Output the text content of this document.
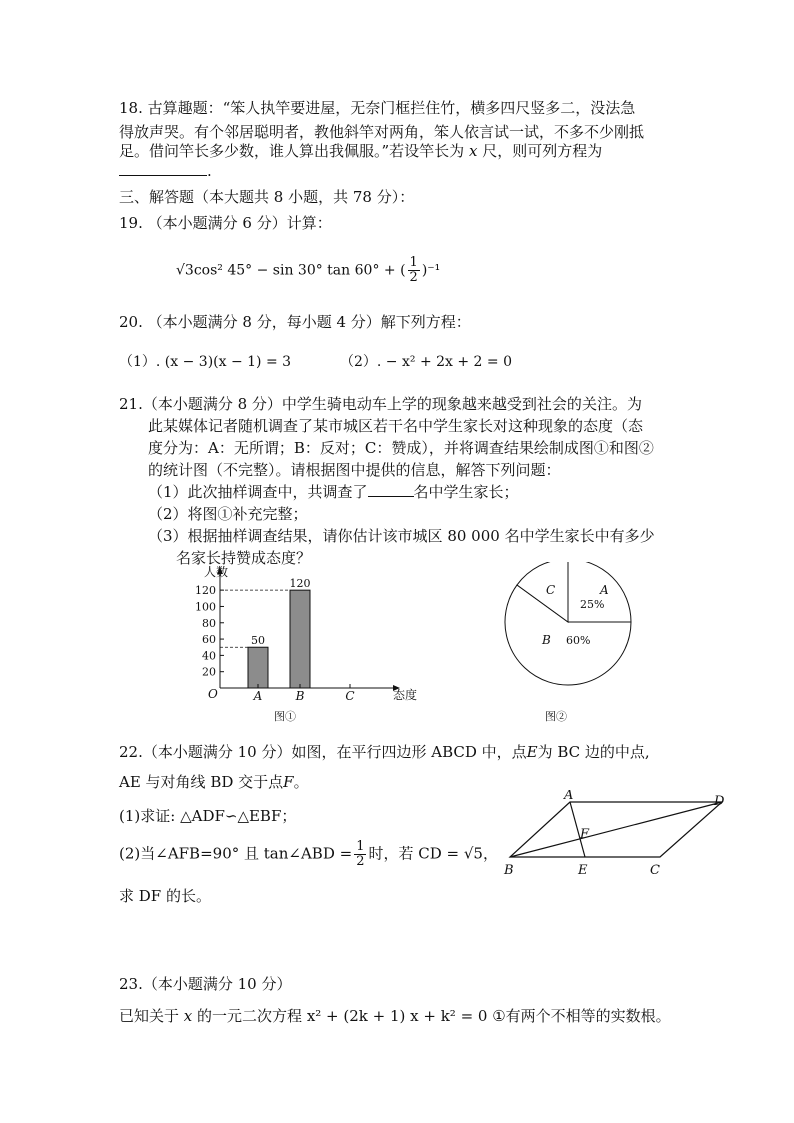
18. 古算趣题：“笨人执竿要进屋，无奈门框拦住竹，横多四尺竖多二，没法急
得放声哭。有个邻居聪明者，教他斜竿对两角，笨人依言试一试，不多不少刚抵
足。借问竿长多少数，谁人算出我佩服。”若设竿长为 x 尺，则可列方程为
.
三、解答题（本大题共 8 小题，共 78 分）：
19. （本小题满分 6 分）计算：
√3cos² 45° − sin 30° tan 60° + ( $\frac{1}{2} )^{-1}$
20. （本小题满分 8 分，每小题 4 分）解下列方程：
（1）. (x − 3)(x − 1) = 3	（2）. − x² + 2x + 2 = 0
21.（本小题满分 8 分）中学生骑电动车上学的现象越来越受到社会的关注。为
此某媒体记者随机调查了某市城区若干名中学生家长对这种现象的态度（态
度分为：A：无所谓；B：反对；C：赞成），并将调查结果绘制成图①和图②
的统计图（不完整）。请根据图中提供的信息，解答下列问题：
（1）此次抽样调查中，共调查了	名中学生家长；
（2）将图①补充完整；
（3）根据抽样调查结果，请你估计该市城区 80 000 名中学生家长中有多少
名家长持赞成态度？
20
40
60
80
100
120
人数
O	态度
50
A
120
B	C
图①
A
25%
B 60%
C
图②
22.（本小题满分 10 分）如图，在平行四边形 ABCD 中，点E为 BC 边的中点,
AE 与对角线 BD 交于点F。
(1)求证: △ADF∽△EBF；
(2)当∠AFB=90° 且 tan∠ABD = $\frac{1}{2}$ 时，若 CD = √5，
求 DF 的长。
A	D
F
B	E	C
23.（本小题满分 10 分）
已知关于 x 的一元二次方程 x² + (2k + 1) x + k² = 0 ①有两个不相等的实数根。
